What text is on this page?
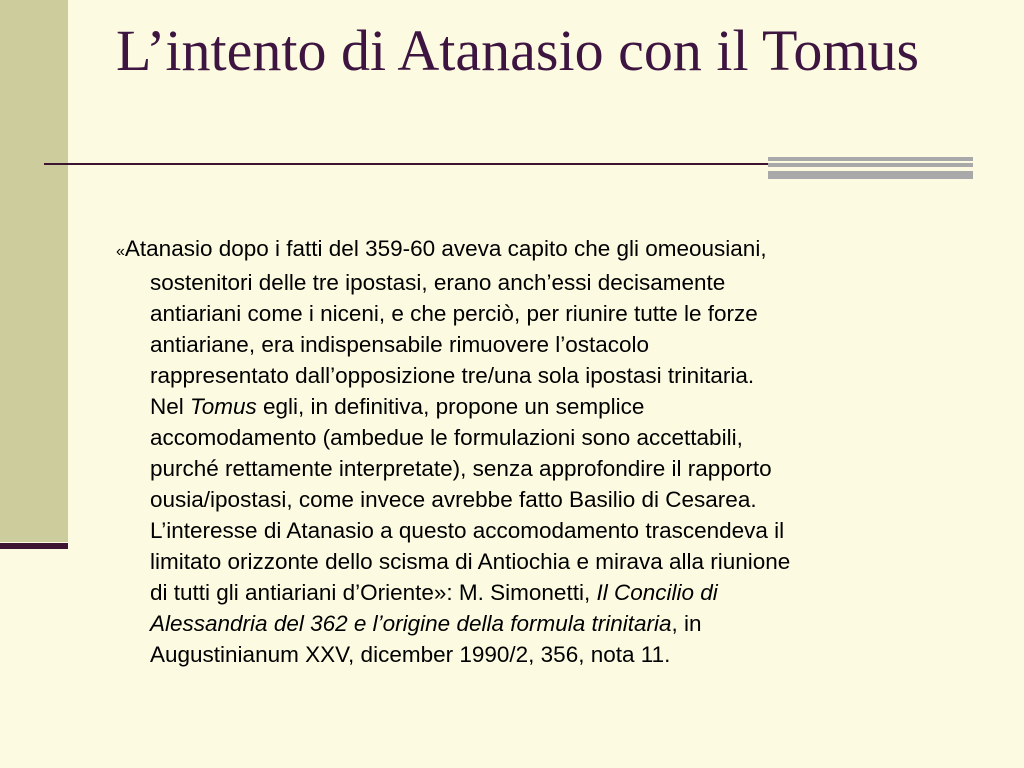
L’intento di Atanasio con il Tomus
«Atanasio dopo i fatti del 359-60 aveva capito che gli omeousiani,
sostenitori delle tre ipostasi, erano anch’essi decisamente
antiariani come i niceni, e che perciò, per riunire tutte le forze
antiariane, era indispensabile rimuovere l’ostacolo
rappresentato dall’opposizione tre/una sola ipostasi trinitaria.
Nel Tomus egli, in definitiva, propone un semplice
accomodamento (ambedue le formulazioni sono accettabili,
purché rettamente interpretate), senza approfondire il rapporto
ousia/ipostasi, come invece avrebbe fatto Basilio di Cesarea.
L’interesse di Atanasio a questo accomodamento trascendeva il
limitato orizzonte dello scisma di Antiochia e mirava alla riunione
di tutti gli antiariani d’Oriente»: M. Simonetti, Il Concilio di
Alessandria del 362 e l’origine della formula trinitaria, in
Augustinianum XXV, dicember 1990/2, 356, nota 11.
